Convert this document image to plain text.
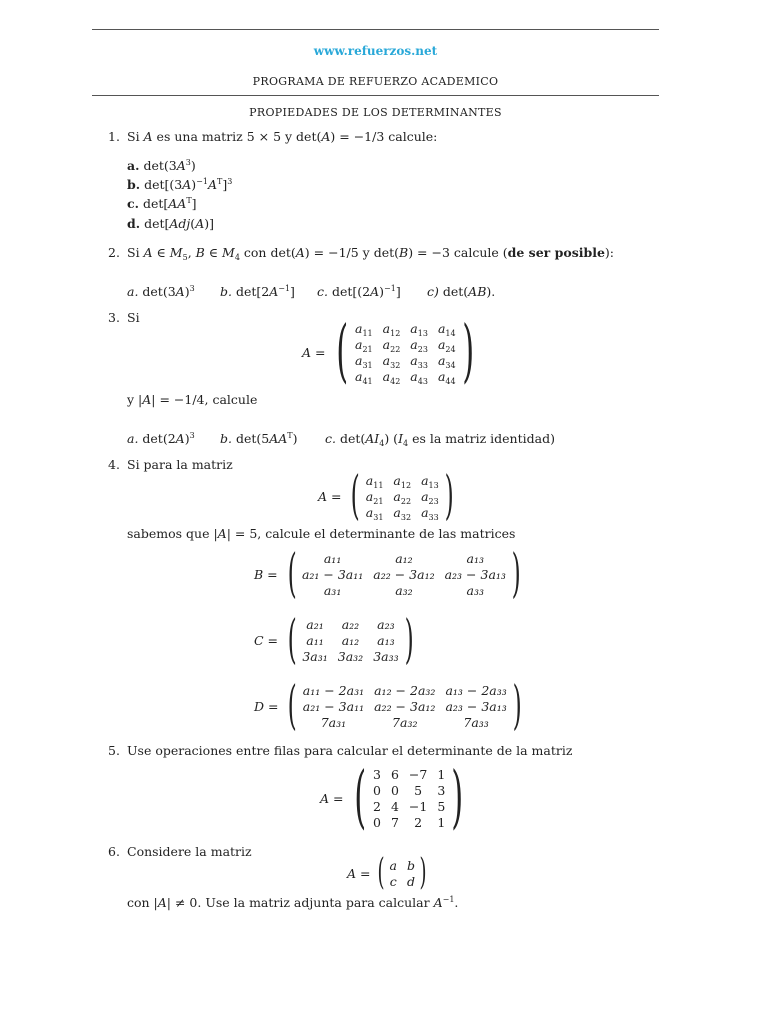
www.refuerzos.net
PROGRAMA DE REFUERZO ACADEMICO
PROPIEDADES DE LOS DETERMINANTES
1. Si A es una matriz 5 × 5 y det(A) = −1/3 calcule:
a. $\det(3A^3)$
b. $\det[(3A)^{-1}A^T]^3$
c. $\det[AA^T]$
d. det[Adj(A)]
2. Si A ∈ $M_5$, B ∈ $M_4$ con det(A) = −1/5 y det(B) = −3 calcule (de ser posible):
a. $\det(3A)^3$ b. $\det[2A^{-1}]$ c. $\det[(2A)^{-1}]$ c) det(AB).
3. Si
A = ( $a_{11}$	$a_{12}$	$a_{13}$	$a_{14}$
$a_{21}$	$a_{22}$	$a_{23}$	$a_{24}$
$a_{31}$	$a_{32}$	$a_{33}$	$a_{34}$
$a_{41}$	$a_{42}$	$a_{43}$	$a_{44}$ )
y |A| = −1/4, calcule
a. $\det(2A)^3$ b. $\det(5AA^T)$ c. $\det(AI_4)$ ($I_4$ es la matriz identidad)
4. Si para la matriz
A = ( $a_{11}$	$a_{12}$	$a_{13}$
$a_{21}$	$a_{22}$	$a_{23}$
$a_{31}$	$a_{32}$	$a_{33}$ )
sabemos que |A| = 5, calcule el determinante de las matrices
B = ( a₁₁	a₁₂	a₁₃
a₂₁ − 3a₁₁	a₂₂ − 3a₁₂	a₂₃ − 3a₁₃
a₃₁	a₃₂	a₃₃ )
C = ( a₂₁	a₂₂	a₂₃
a₁₁	a₁₂	a₁₃
3a₃₁	3a₃₂	3a₃₃ )
D = ( a₁₁ − 2a₃₁	a₁₂ − 2a₃₂	a₁₃ − 2a₃₃
a₂₁ − 3a₁₁	a₂₂ − 3a₁₂	a₂₃ − 3a₁₃
7a₃₁	7a₃₂	7a₃₃ )
5. Use operaciones entre filas para calcular el determinante de la matriz
A = ( 3	6	−7	1
0	0	5	3
2	4	−1	5
0	7	2	1 )
6. Considere la matriz
A = ( a	b
c	d )
con |A| ≠ 0. Use la matriz adjunta para calcular $A^{-1}$.
